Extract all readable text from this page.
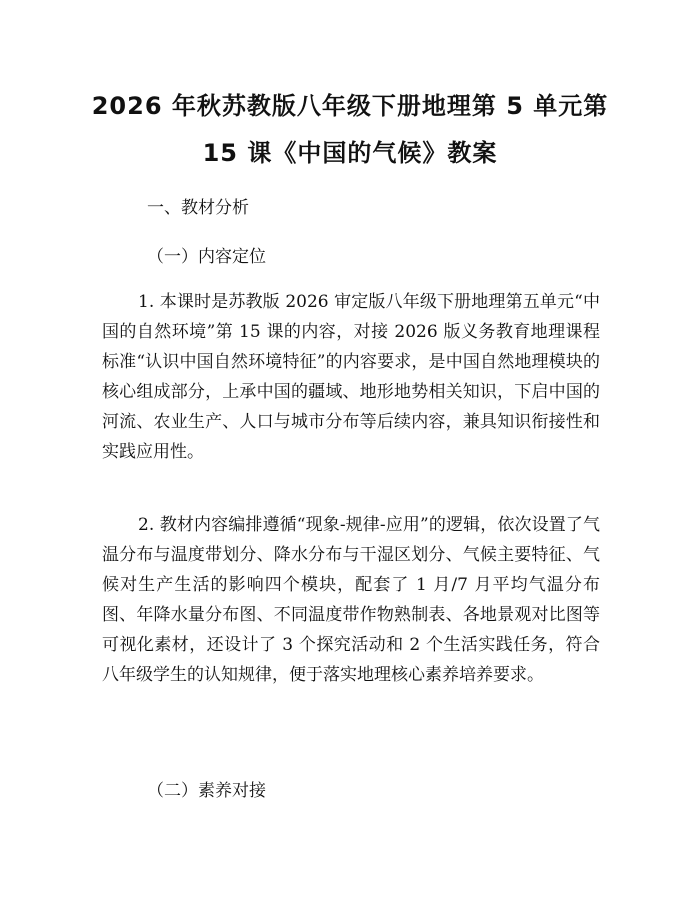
2026 年秋苏教版八年级下册地理第 5 单元第
15 课《中国的气候》教案
一、教材分析
（一）内容定位
1. 本课时是苏教版 2026 审定版八年级下册地理第五单元“中国的自然环境”第 15 课的内容，对接 2026 版义务教育地理课程标准“认识中国自然环境特征”的内容要求，是中国自然地理模块的核心组成部分，上承中国的疆域、地形地势相关知识，下启中国的河流、农业生产、人口与城市分布等后续内容，兼具知识衔接性和实践应用性。
2. 教材内容编排遵循“现象-规律-应用”的逻辑，依次设置了气温分布与温度带划分、降水分布与干湿区划分、气候主要特征、气候对生产生活的影响四个模块，配套了 1 月/7 月平均气温分布图、年降水量分布图、不同温度带作物熟制表、各地景观对比图等可视化素材，还设计了 3 个探究活动和 2 个生活实践任务，符合八年级学生的认知规律，便于落实地理核心素养培养要求。
（二）素养对接
